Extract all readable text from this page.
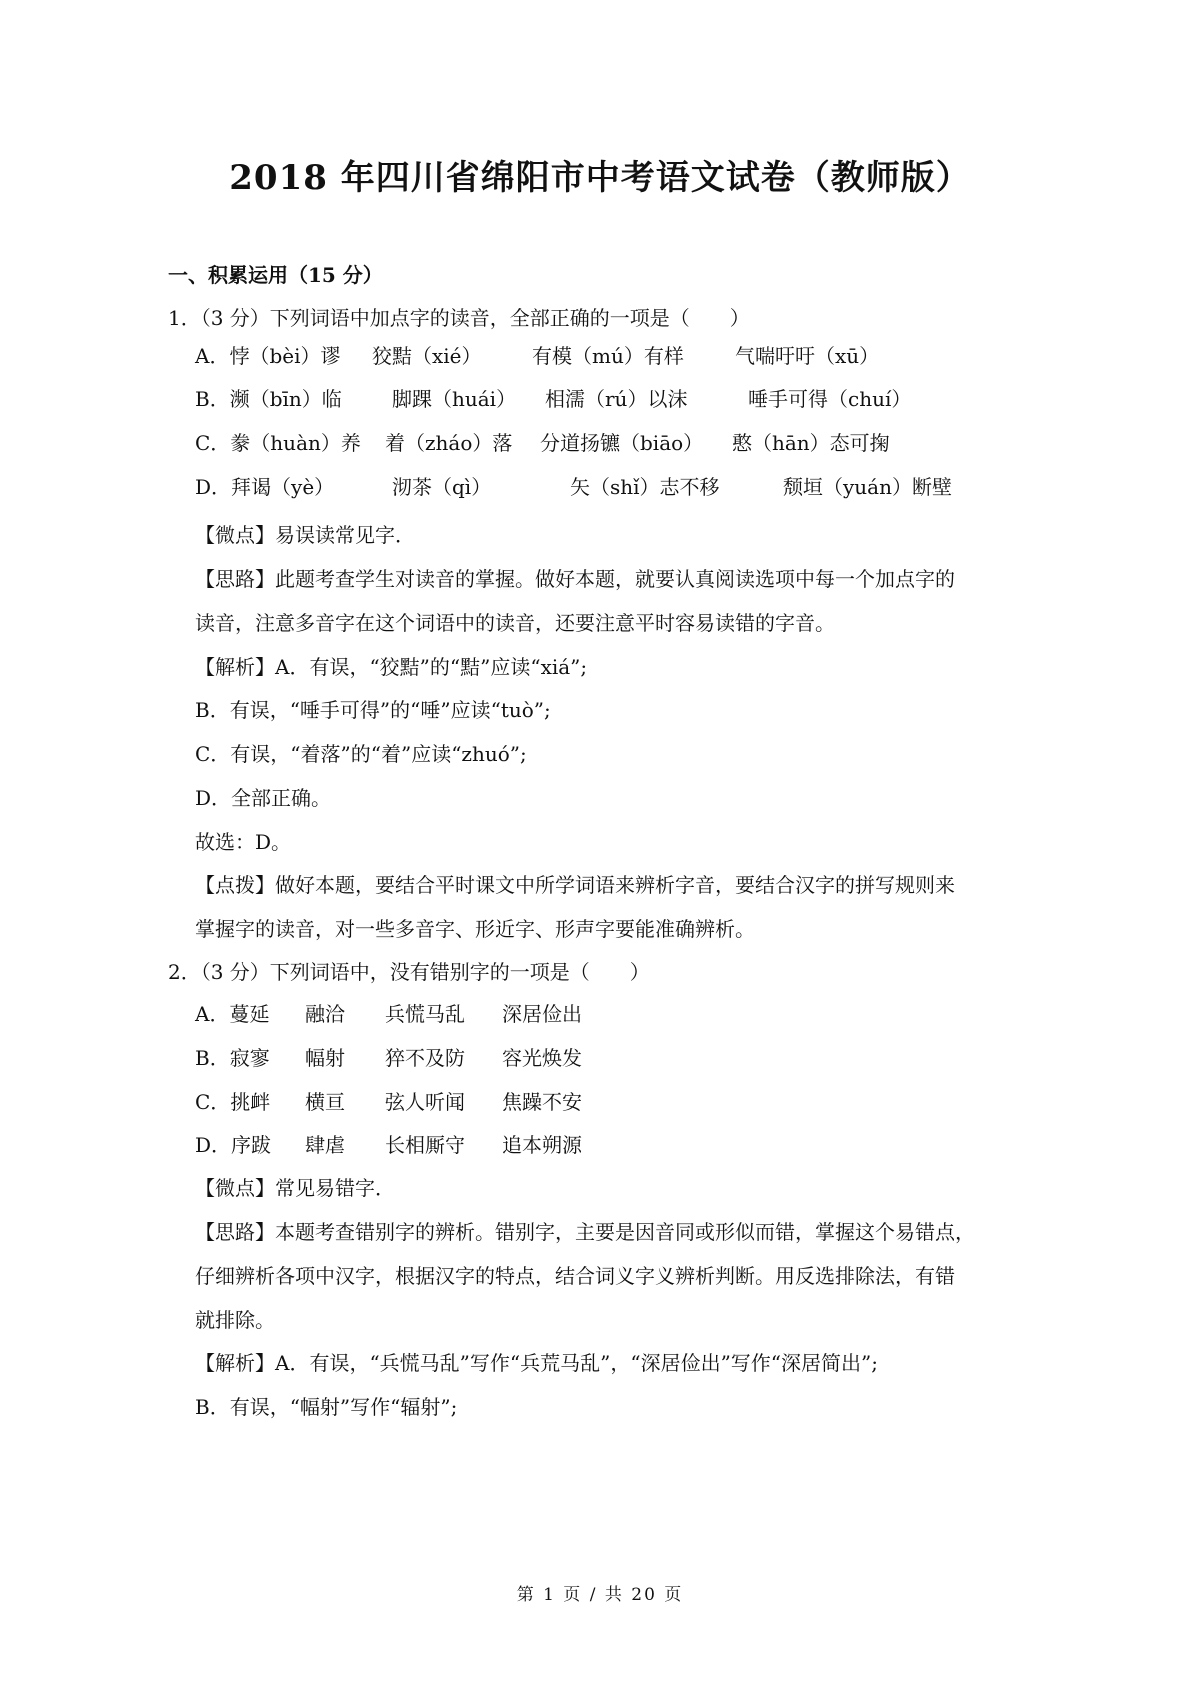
2018 年四川省绵阳市中考语文试卷（教师版）
一、积累运用（15 分）
1．（3 分）下列词语中加点字的读音，全部正确的一项是（　　）
A．悖（bèi）谬 狡黠（xié）	有模（mú）有样	气喘吁吁（xū）
B．濒（bīn）临	脚踝（huái） 相濡（rú）以沫	唾手可得（chuí）
C．豢（huàn）养 着（zháo）落 分道扬镳（biāo） 憨（hān）态可掬
D．拜谒（yè）	沏茶（qì）	矢（shǐ）志不移	颓垣（yuán）断壁
【微点】易误读常见字．
【思路】此题考查学生对读音的掌握。做好本题，就要认真阅读选项中每一个加点字的
读音，注意多音字在这个词语中的读音，还要注意平时容易读错的字音。
【解析】A．有误，“狡黠”的“黠”应读“xiá”;
B．有误，“唾手可得”的“唾”应读“tuò”;
C．有误，“着落”的“着”应读“zhuó”;
D．全部正确。
故选：D。
【点拨】做好本题，要结合平时课文中所学词语来辨析字音，要结合汉字的拼写规则来
掌握字的读音，对一些多音字、形近字、形声字要能准确辨析。
2．（3 分）下列词语中，没有错别字的一项是（　　）
A．蔓延 融洽 兵慌马乱 深居俭出
B．寂寥 幅射 猝不及防 容光焕发
C．挑衅 横亘 弦人听闻 焦躁不安
D．序跋 肆虐 长相厮守 追本朔源
【微点】常见易错字．
【思路】本题考查错别字的辨析。错别字，主要是因音同或形似而错，掌握这个易错点，
仔细辨析各项中汉字，根据汉字的特点，结合词义字义辨析判断。用反选排除法，有错
就排除。
【解析】A．有误，“兵慌马乱”写作“兵荒马乱”，“深居俭出”写作“深居简出”;
B．有误，“幅射”写作“辐射”;
第 1 页 / 共 20 页
